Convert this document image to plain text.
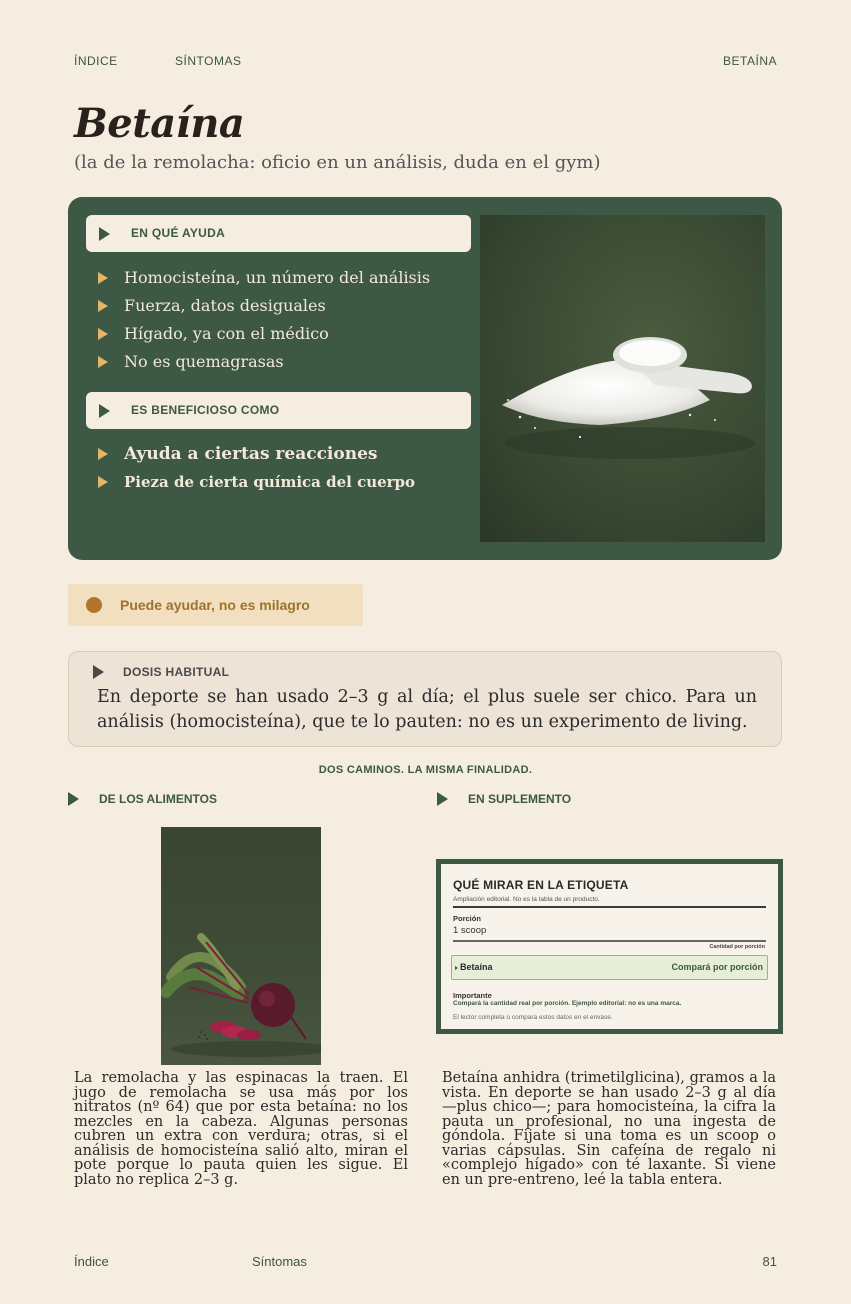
ÍNDICE	SÍNTOMAS	BETAÍNA
Betaína
(la de la remolacha: oficio en un análisis, duda en el gym)
EN QUÉ AYUDA
Homocisteína, un número del análisis
Fuerza, datos desiguales
Hígado, ya con el médico
No es quemagrasas
ES BENEFICIOSO COMO
Ayuda a ciertas reacciones
Pieza de cierta química del cuerpo
Puede ayudar, no es milagro
DOSIS HABITUAL

En deporte se han usado 2–3 g al día; el plus suele ser chico. Para un análisis (homocisteína), que te lo pauten: no es un experimento de living.

DOS CAMINOS. LA MISMA FINALIDAD.
DE LOS ALIMENTOS	EN SUPLEMENTO
QUÉ MIRAR EN LA ETIQUETA
Ampliación editorial. No es la tabla de un producto.
Porción
1 scoop
Cantidad por porción
Betaína	Compará por porción
Importante
Compará la cantidad real por porción. Ejemplo editorial: no es una marca.
El lector completa o compara estos datos en el envase.

La remolacha y las espinacas la traen. El jugo de remolacha se usa más por los nitratos (nº 64) que por esta betaína: no los mezcles en la cabeza. Algunas personas cubren un extra con verdura; otras, si el análisis de homocisteína salió alto, miran el pote porque lo pauta quien les sigue. El plato no replica 2–3 g.

Betaína anhidra (trimetilglicina), gramos a la vista. En deporte se han usado 2–3 g al día —plus chico—; para homocisteína, la cifra la pauta un profesional, no una ingesta de góndola. Fijate si una toma es un scoop o varias cápsulas. Sin cafeína de regalo ni «complejo hígado» con té laxante. Si viene en un pre-entreno, leé la tabla entera.

Índice	Síntomas	81
